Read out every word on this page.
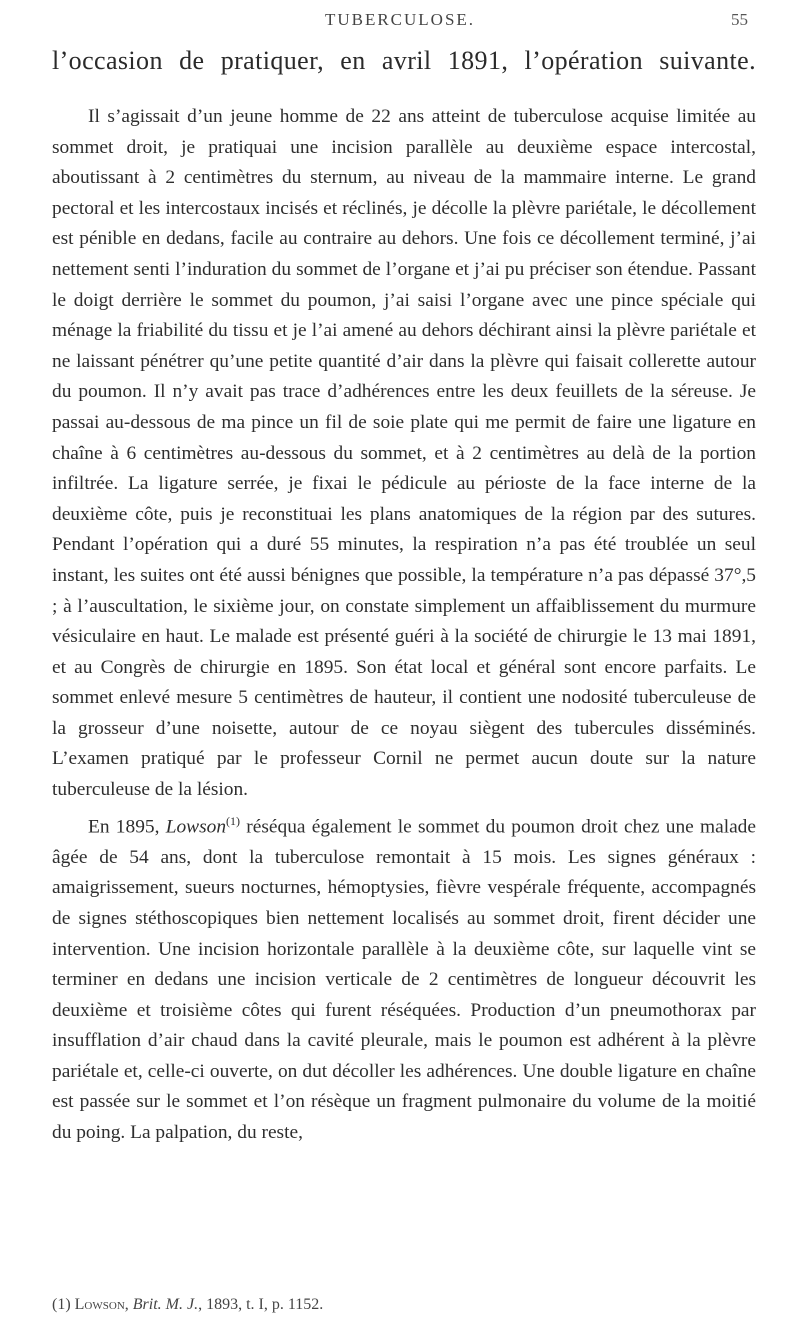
TUBERCULOSE.	55
l’occasion de pratiquer, en avril 1891, l’opération suivante.

Il s’agissait d’un jeune homme de 22 ans atteint de tuberculose acquise limitée au sommet droit, je pratiquai une incision parallèle au deuxième espace intercostal, aboutissant à 2 centimètres du sternum, au niveau de la mammaire interne. Le grand pectoral et les intercostaux incisés et réclinés, je décolle la plèvre pariétale, le décollement est pénible en dedans, facile au contraire au dehors. Une fois ce décollement terminé, j’ai nettement senti l’induration du sommet de l’organe et j’ai pu préciser son étendue. Passant le doigt derrière le sommet du poumon, j’ai saisi l’organe avec une pince spéciale qui ménage la friabilité du tissu et je l’ai amené au dehors déchirant ainsi la plèvre pariétale et ne laissant pénétrer qu’une petite quantité d’air dans la plèvre qui faisait collerette autour du poumon. Il n’y avait pas trace d’adhérences entre les deux feuillets de la séreuse. Je passai au-dessous de ma pince un fil de soie plate qui me permit de faire une ligature en chaîne à 6 centimètres au-dessous du sommet, et à 2 centimètres au delà de la portion infiltrée. La ligature serrée, je fixai le pédicule au périoste de la face interne de la deuxième côte, puis je reconstituai les plans anatomiques de la région par des sutures. Pendant l’opération qui a duré 55 minutes, la respiration n’a pas été troublée un seul instant, les suites ont été aussi bénignes que possible, la température n’a pas dépassé 37°,5 ; à l’auscultation, le sixième jour, on constate simplement un affaiblissement du murmure vésiculaire en haut. Le malade est présenté guéri à la société de chirurgie le 13 mai 1891, et au Congrès de chirurgie en 1895. Son état local et général sont encore parfaits. Le sommet enlevé mesure 5 centimètres de hauteur, il contient une nodosité tuberculeuse de la grosseur d’une noisette, autour de ce noyau siègent des tubercules disséminés. L’examen pratiqué par le professeur Cornil ne permet aucun doute sur la nature tuberculeuse de la lésion.

En 1895, Lowson$^{(1)}$ réséqua également le sommet du poumon droit chez une malade âgée de 54 ans, dont la tuberculose remontait à 15 mois. Les signes généraux : amaigrissement, sueurs nocturnes, hémoptysies, fièvre vespérale fréquente, accompagnés de signes stéthoscopiques bien nettement localisés au sommet droit, firent décider une intervention. Une incision horizontale parallèle à la deuxième côte, sur laquelle vint se terminer en dedans une incision verticale de 2 centimètres de longueur découvrit les deuxième et troisième côtes qui furent réséquées. Production d’un pneumothorax par insufflation d’air chaud dans la cavité pleurale, mais le poumon est adhérent à la plèvre pariétale et, celle-ci ouverte, on dut décoller les adhérences. Une double ligature en chaîne est passée sur le sommet et l’on résèque un fragment pulmonaire du volume de la moitié du poing. La palpation, du reste,

(1) Lowson, Brit. M. J., 1893, t. I, p. 1152.
